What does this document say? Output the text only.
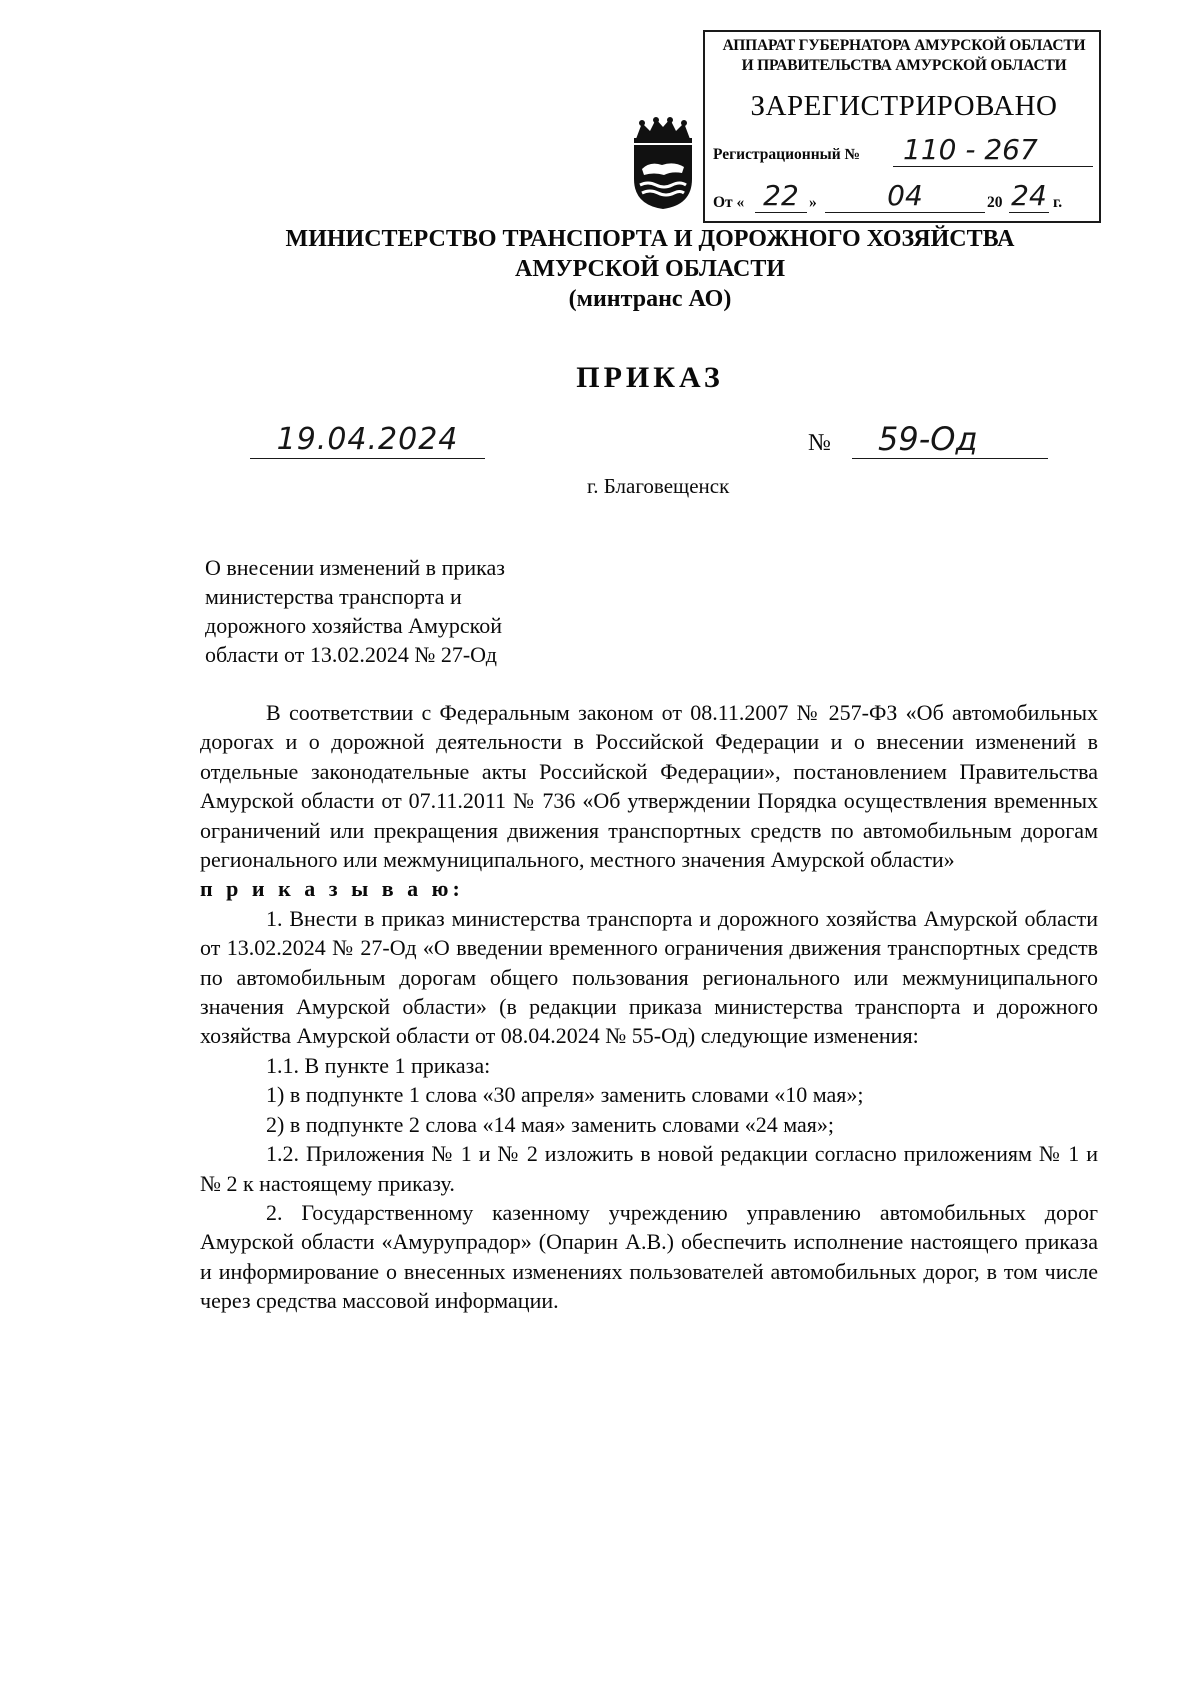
АППАРАТ ГУБЕРНАТОРА АМУРСКОЙ ОБЛАСТИ
И ПРАВИТЕЛЬСТВА АМУРСКОЙ ОБЛАСТИ
ЗАРЕГИСТРИРОВАНО
Регистрационный №	110 - 267
От « 22 »	04	20 24 г.
МИНИСТЕРСТВО ТРАНСПОРТА И ДОРОЖНОГО ХОЗЯЙСТВА
АМУРСКОЙ ОБЛАСТИ
(минтранс АО)
ПРИКАЗ
19.04.2024	№	59-Од
г. Благовещенск
О внесении изменений в приказ
министерства транспорта и
дорожного хозяйства Амурской
области от 13.02.2024 № 27-Од

В соответствии с Федеральным законом от 08.11.2007 № 257-ФЗ «Об автомобильных дорогах и о дорожной деятельности в Российской Федерации и о внесении изменений в отдельные законодательные акты Российской Федерации», постановлением Правительства Амурской области от 07.11.2011 № 736 «Об утверждении Порядка осуществления временных ограничений или прекращения движения транспортных средств по автомобильным дорогам регионального или межмуниципального, местного значения Амурской области»

п р и к а з ы в а ю:

1. Внести в приказ министерства транспорта и дорожного хозяйства Амурской области от 13.02.2024 № 27-Од «О введении временного ограничения движения транспортных средств по автомобильным дорогам общего пользования регионального или межмуниципального значения Амурской области» (в редакции приказа министерства транспорта и дорожного хозяйства Амурской области от 08.04.2024 № 55-Од) следующие изменения:

1.1. В пункте 1 приказа:

1) в подпункте 1 слова «30 апреля» заменить словами «10 мая»;

2) в подпункте 2 слова «14 мая» заменить словами «24 мая»;

1.2. Приложения № 1 и № 2 изложить в новой редакции согласно приложениям № 1 и № 2 к настоящему приказу.

2. Государственному казенному учреждению управлению автомобильных дорог Амурской области «Амурупрадор» (Опарин А.В.) обеспечить исполнение настоящего приказа и информирование о внесенных изменениях пользователей автомобильных дорог, в том числе через средства массовой информации.
